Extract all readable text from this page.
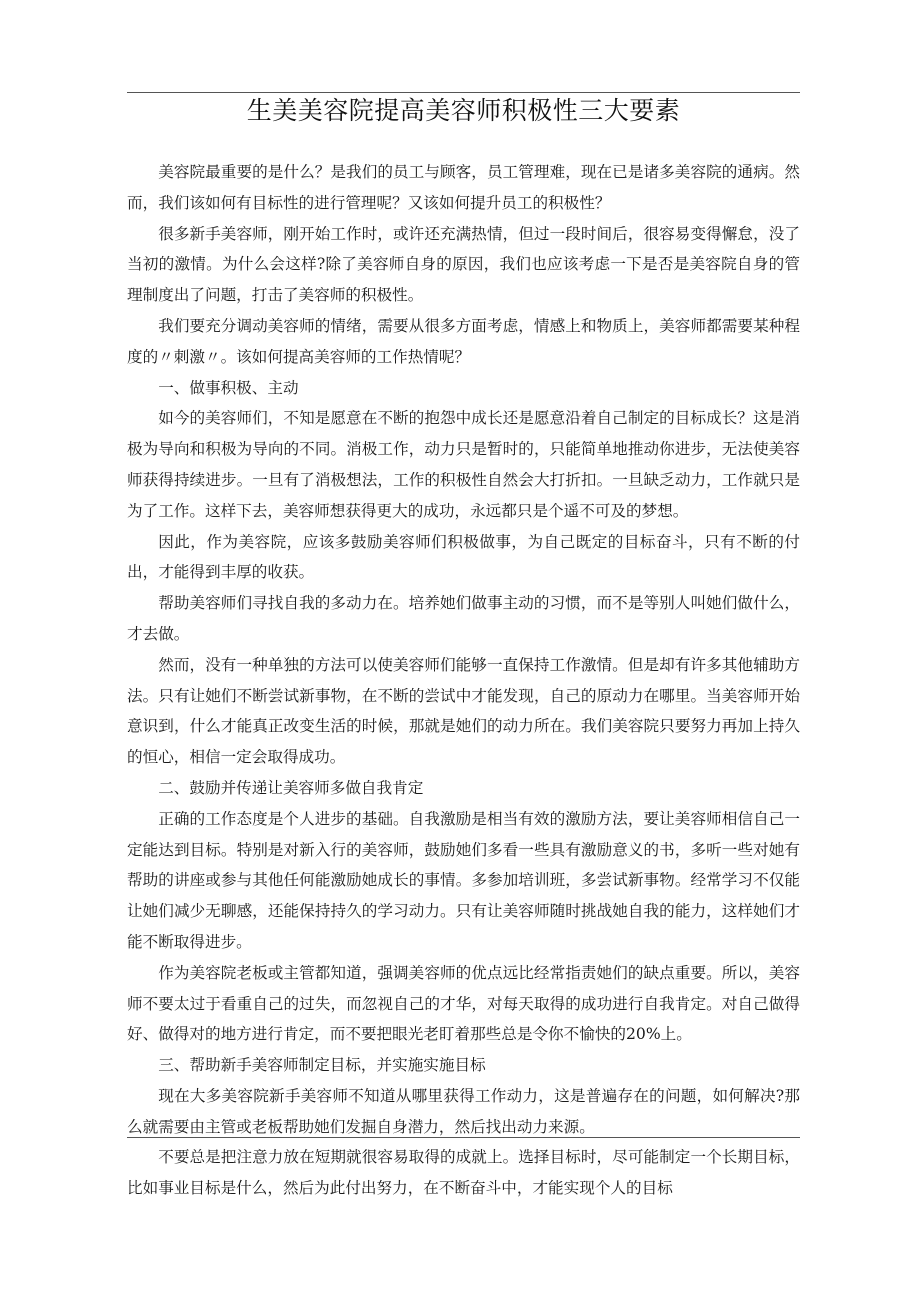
生美美容院提高美容师积极性三大要素

美容院最重要的是什么？是我们的员工与顾客，员工管理难，现在已是诸多美容院的通病。然而，我们该如何有目标性的进行管理呢？又该如何提升员工的积极性？

很多新手美容师，刚开始工作时，或许还充满热情，但过一段时间后，很容易变得懈怠，没了当初的激情。为什么会这样?除了美容师自身的原因，我们也应该考虑一下是否是美容院自身的管理制度出了问题，打击了美容师的积极性。

我们要充分调动美容师的情绪，需要从很多方面考虑，情感上和物质上，美容师都需要某种程度的〃刺激〃。该如何提高美容师的工作热情呢？

一、做事积极、主动

如今的美容师们，不知是愿意在不断的抱怨中成长还是愿意沿着自己制定的目标成长？这是消极为导向和积极为导向的不同。消极工作，动力只是暂时的，只能简单地推动你进步，无法使美容师获得持续进步。一旦有了消极想法，工作的积极性自然会大打折扣。一旦缺乏动力，工作就只是为了工作。这样下去，美容师想获得更大的成功，永远都只是个遥不可及的梦想。

因此，作为美容院，应该多鼓励美容师们积极做事，为自己既定的目标奋斗，只有不断的付出，才能得到丰厚的收获。

帮助美容师们寻找自我的多动力在。培养她们做事主动的习惯，而不是等别人叫她们做什么，才去做。

然而，没有一种单独的方法可以使美容师们能够一直保持工作激情。但是却有许多其他辅助方法。只有让她们不断尝试新事物，在不断的尝试中才能发现，自己的原动力在哪里。当美容师开始意识到，什么才能真正改变生活的时候，那就是她们的动力所在。我们美容院只要努力再加上持久的恒心，相信一定会取得成功。

二、鼓励并传递让美容师多做自我肯定

正确的工作态度是个人进步的基础。自我激励是相当有效的激励方法，要让美容师相信自己一定能达到目标。特别是对新入行的美容师，鼓励她们多看一些具有激励意义的书，多听一些对她有帮助的讲座或参与其他任何能激励她成长的事情。多参加培训班，多尝试新事物。经常学习不仅能让她们减少无聊感，还能保持持久的学习动力。只有让美容师随时挑战她自我的能力，这样她们才能不断取得进步。

作为美容院老板或主管都知道，强调美容师的优点远比经常指责她们的缺点重要。所以，美容师不要太过于看重自己的过失，而忽视自己的才华，对每天取得的成功进行自我肯定。对自己做得好、做得对的地方进行肯定，而不要把眼光老盯着那些总是令你不愉快的20%上。

三、帮助新手美容师制定目标，并实施实施目标

现在大多美容院新手美容师不知道从哪里获得工作动力，这是普遍存在的问题，如何解决?那么就需要由主管或老板帮助她们发掘自身潜力，然后找出动力来源。

不要总是把注意力放在短期就很容易取得的成就上。选择目标时，尽可能制定一个长期目标，比如事业目标是什么，然后为此付出努力，在不断奋斗中，才能实现个人的目标
